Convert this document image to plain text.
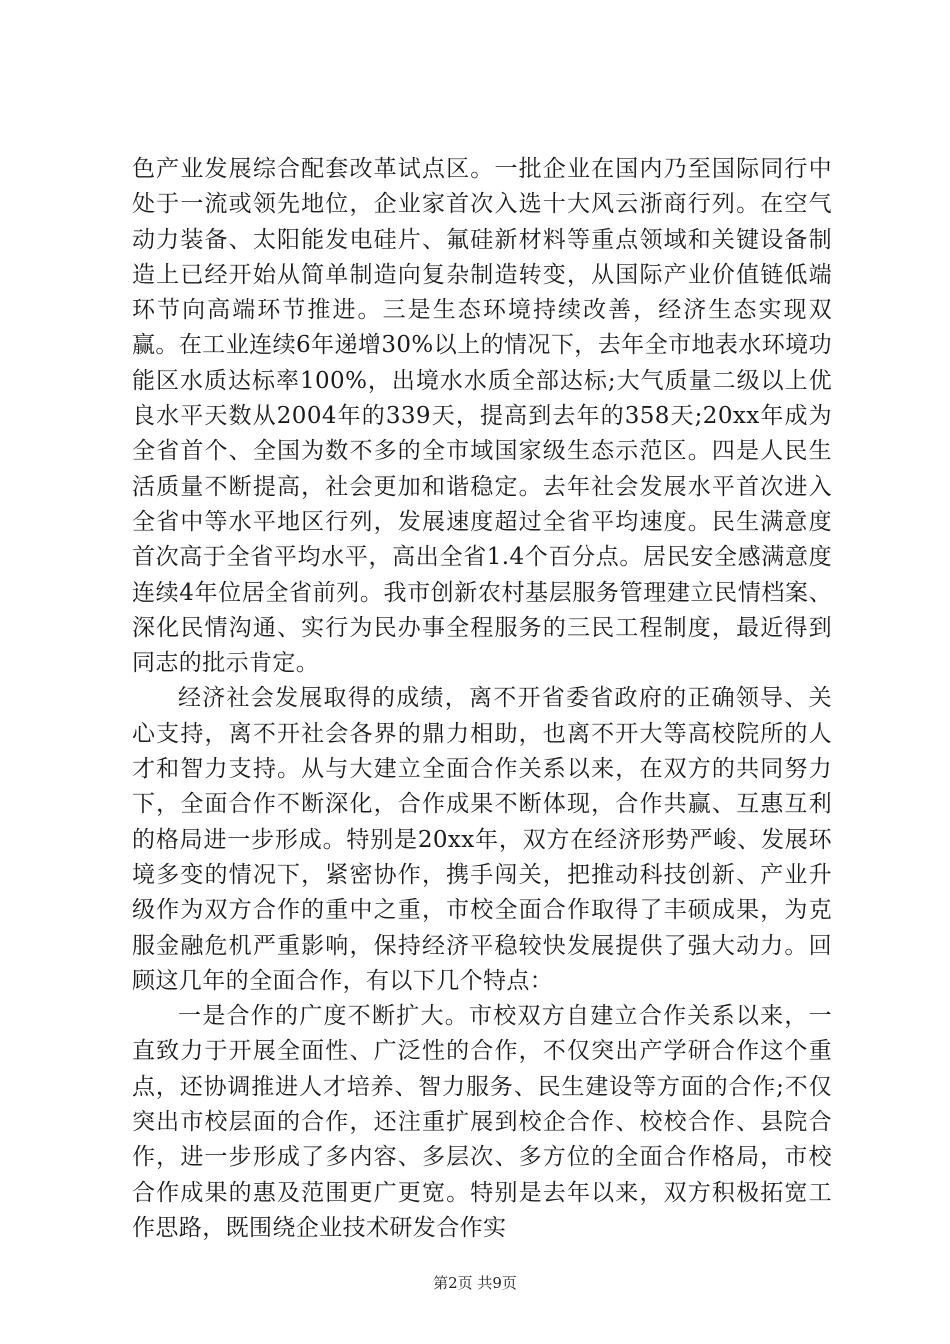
色产业发展综合配套改革试点区。一批企业在国内乃至国际同行中处于一流或领先地位，企业家首次入选十大风云浙商行列。在空气动力装备、太阳能发电硅片、氟硅新材料等重点领域和关键设备制造上已经开始从简单制造向复杂制造转变，从国际产业价值链低端环节向高端环节推进。三是生态环境持续改善，经济生态实现双赢。在工业连续6年递增30%以上的情况下，去年全市地表水环境功能区水质达标率100%，出境水水质全部达标;大气质量二级以上优良水平天数从2004年的339天，提高到去年的358天;20xx年成为全省首个、全国为数不多的全市域国家级生态示范区。四是人民生活质量不断提高，社会更加和谐稳定。去年社会发展水平首次进入全省中等水平地区行列，发展速度超过全省平均速度。民生满意度首次高于全省平均水平，高出全省1.4个百分点。居民安全感满意度连续4年位居全省前列。我市创新农村基层服务管理建立民情档案、深化民情沟通、实行为民办事全程服务的三民工程制度，最近得到同志的批示肯定。

经济社会发展取得的成绩，离不开省委省政府的正确领导、关心支持，离不开社会各界的鼎力相助，也离不开大等高校院所的人才和智力支持。从与大建立全面合作关系以来，在双方的共同努力下，全面合作不断深化，合作成果不断体现，合作共赢、互惠互利的格局进一步形成。特别是20xx年，双方在经济形势严峻、发展环境多变的情况下，紧密协作，携手闯关，把推动科技创新、产业升级作为双方合作的重中之重，市校全面合作取得了丰硕成果，为克服金融危机严重影响，保持经济平稳较快发展提供了强大动力。回顾这几年的全面合作，有以下几个特点：

一是合作的广度不断扩大。市校双方自建立合作关系以来，一直致力于开展全面性、广泛性的合作，不仅突出产学研合作这个重点，还协调推进人才培养、智力服务、民生建设等方面的合作;不仅突出市校层面的合作，还注重扩展到校企合作、校校合作、县院合作，进一步形成了多内容、多层次、多方位的全面合作格局，市校合作成果的惠及范围更广更宽。特别是去年以来，双方积极拓宽工作思路，既围绕企业技术研发合作实

第2页 共9页
